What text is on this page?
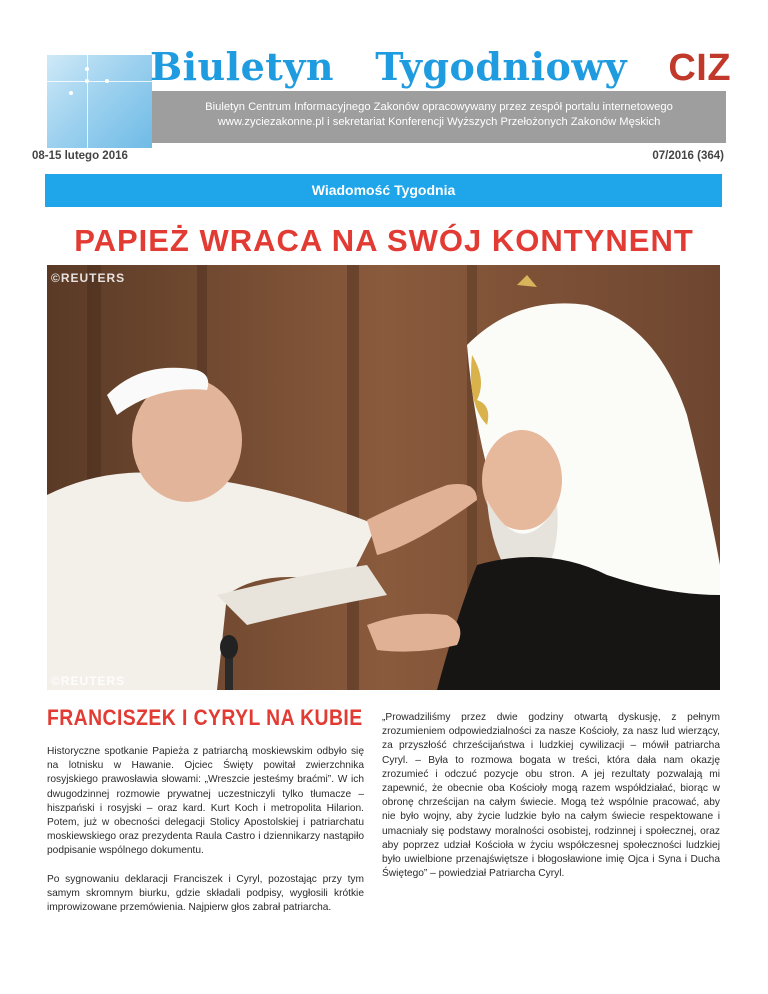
Biuletyn Tygodniowy CIZ
Biuletyn Centrum Informacyjnego Zakonów opracowywany przez zespół portalu internetowego
www.zyciezakonne.pl i sekretariat Konferencji Wyższych Przełożonych Zakonów Męskich
08-15 lutego 2016	07/2016 (364)
Wiadomość Tygodnia
PAPIEŻ WRACA NA SWÓJ KONTYNENT
©REUTERS
©REUTERS
FRANCISZEK I CYRYL NA KUBIE

Historyczne spotkanie Papieża z patriarchą moskiewskim odbyło się na lotnisku w Hawanie. Ojciec Święty powitał zwierzchnika rosyjskiego prawosławia słowami: „Wreszcie jesteśmy braćmi”. W ich dwugodzinnej rozmowie prywatnej uczestniczyli tylko tłumacze – hiszpański i rosyjski – oraz kard. Kurt Koch i metropolita Hilarion. Potem, już w obecności delegacji Stolicy Apostolskiej i patriarchatu moskiewskiego oraz prezydenta Raula Castro i dziennikarzy nastąpiło podpisanie wspólnego dokumentu.

Po sygnowaniu deklaracji Franciszek i Cyryl, pozostając przy tym samym skromnym biurku, gdzie składali podpisy, wygłosili krótkie improwizowane przemówienia. Najpierw głos zabrał patriarcha.

„Prowadziliśmy przez dwie godziny otwartą dyskusję, z pełnym zrozumieniem odpowiedzialności za nasze Kościoły, za nasz lud wierzący, za przyszłość chrześcijaństwa i ludzkiej cywilizacji – mówił patriarcha Cyryl. – Była to rozmowa bogata w treści, która dała nam okazję zrozumieć i odczuć pozycje obu stron. A jej rezultaty pozwalają mi zapewnić, że obecnie oba Kościoły mogą razem współdziałać, biorąc w obronę chrześcijan na całym świecie. Mogą też wspólnie pracować, aby nie było wojny, aby życie ludzkie było na całym świecie respektowane i umacniały się podstawy moralności osobistej, rodzinnej i społecznej, oraz aby poprzez udział Kościoła w życiu współczesnej społeczności ludzkiej było uwielbione przenajświętsze i błogosławione imię Ojca i Syna i Ducha Świętego” – powiedział Patriarcha Cyryl.
